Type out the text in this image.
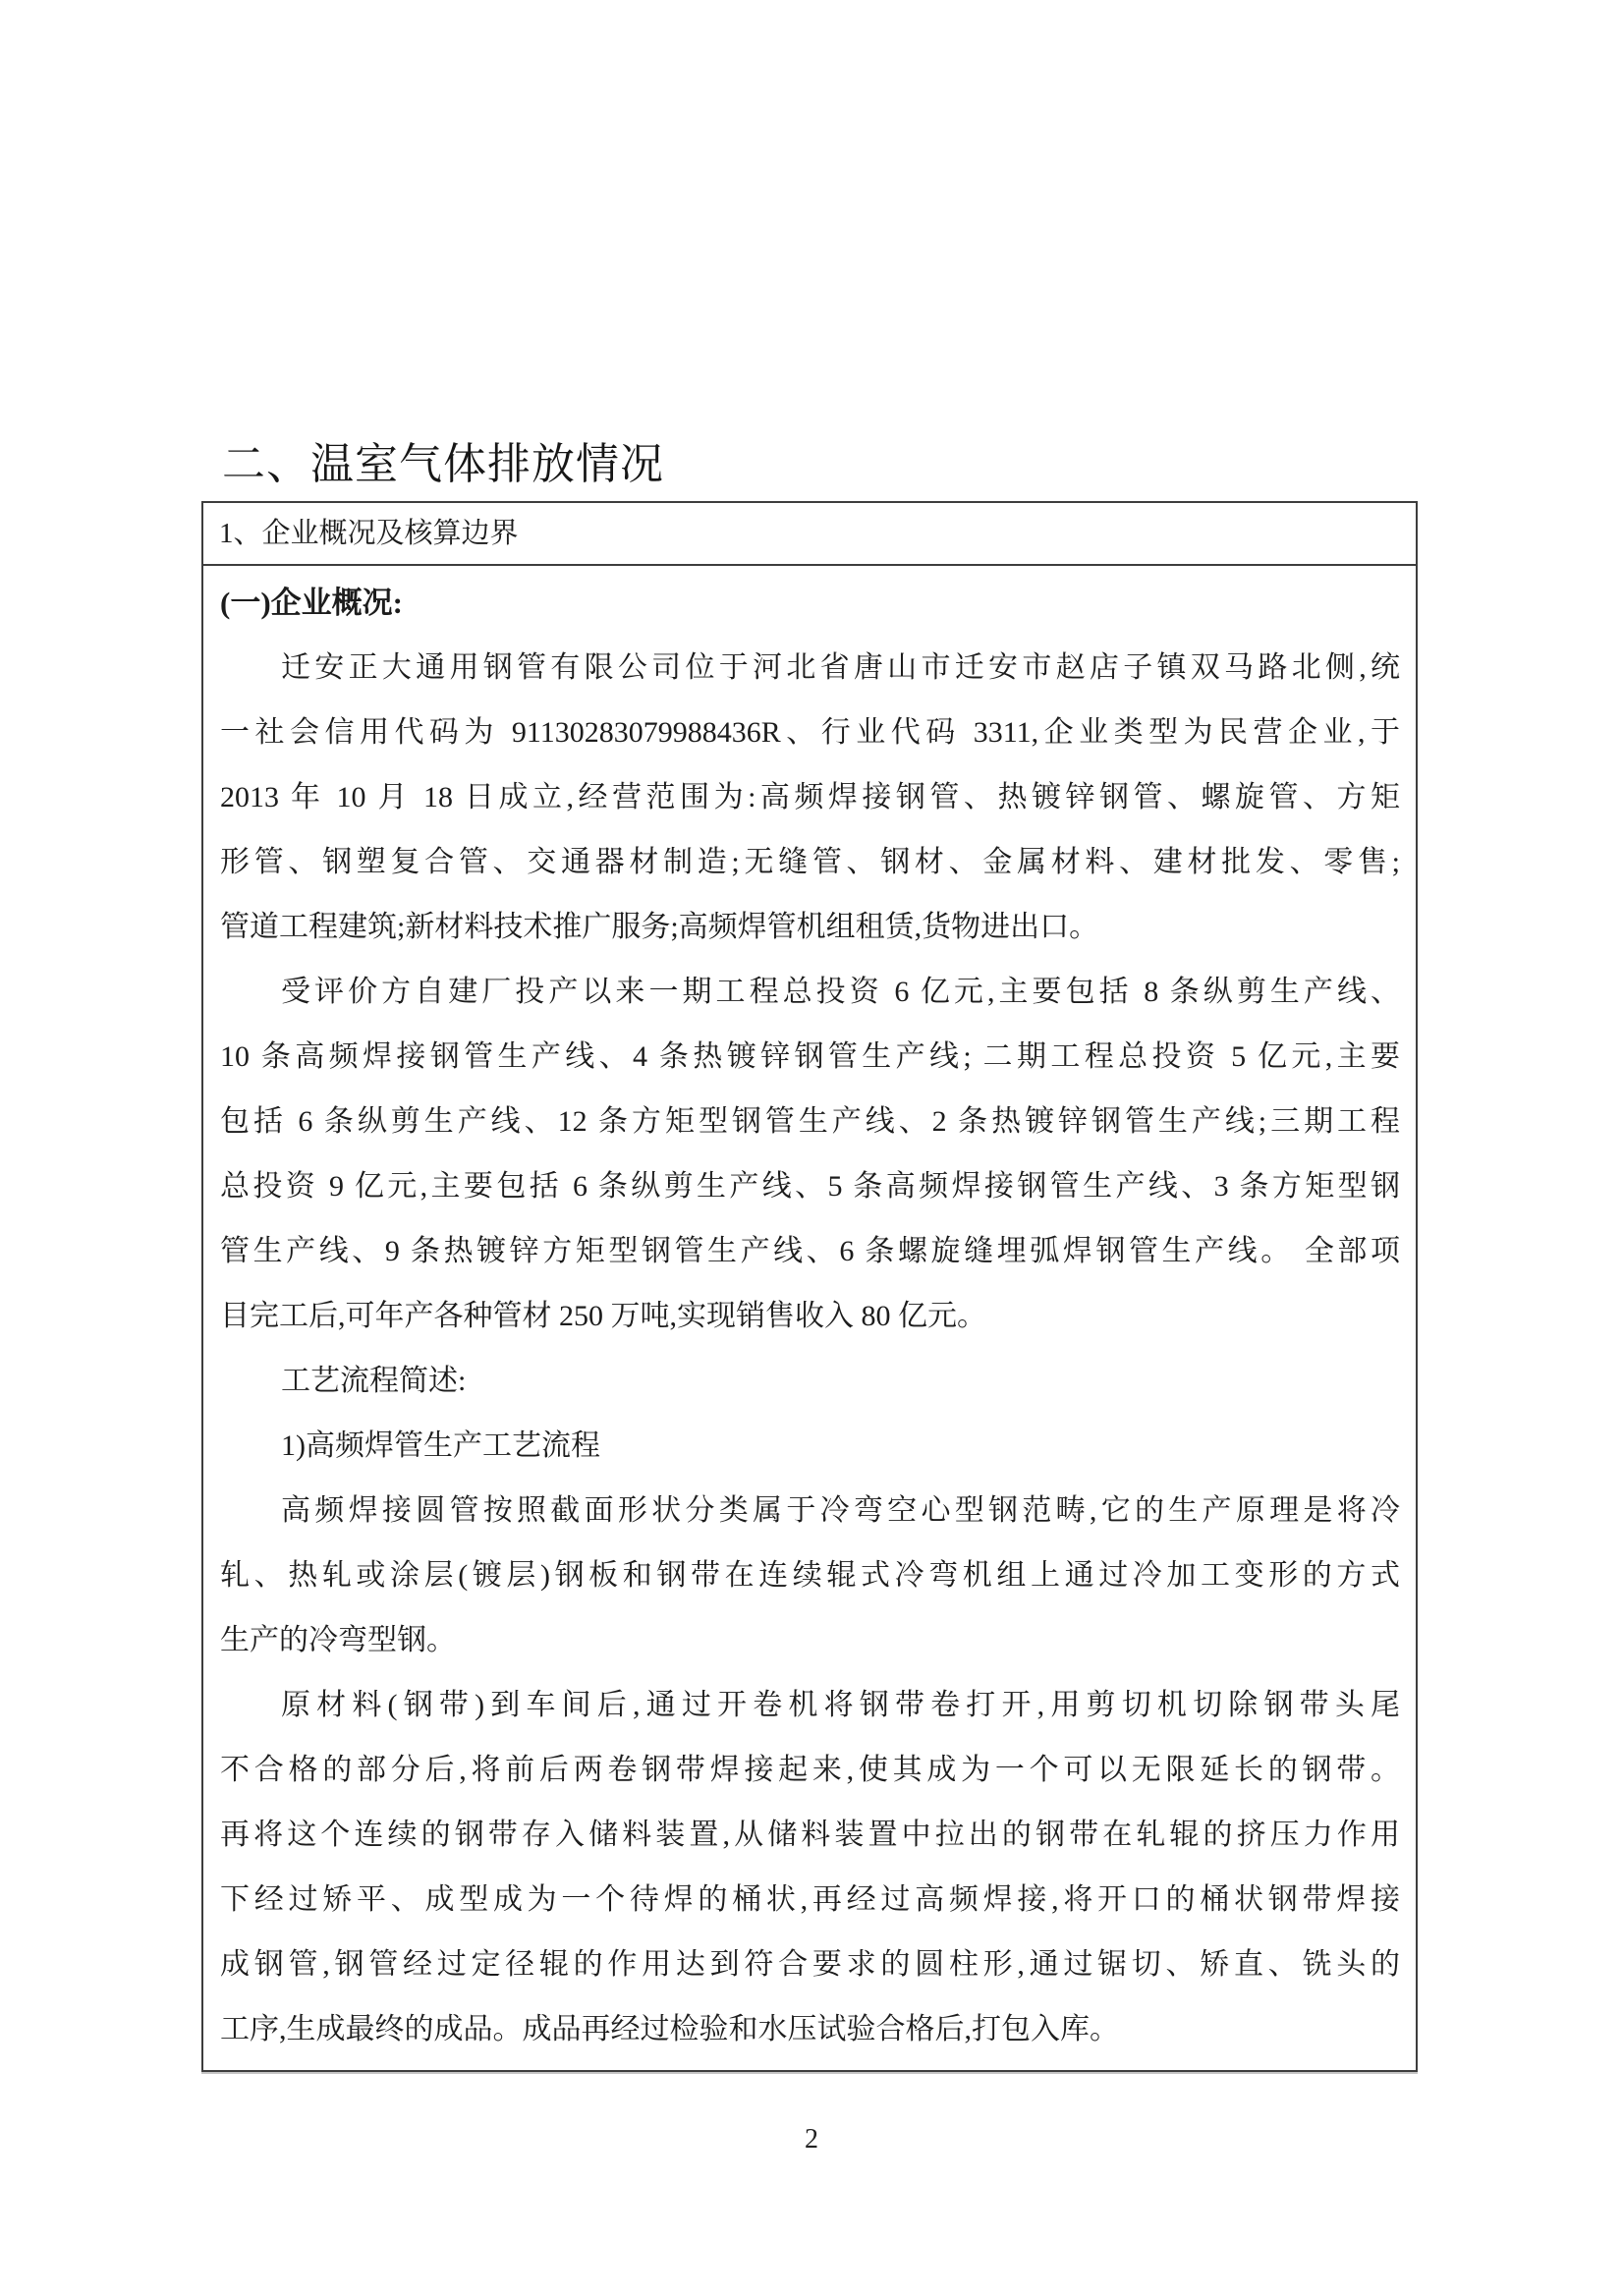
二、温室气体排放情况
1、企业概况及核算边界
(一)企业概况:
迁安正大通用钢管有限公司位于河北省唐山市迁安市赵店子镇双马路北侧,统
一社会信用代码为 91130283079988436R、行业代码 3311,企业类型为民营企业,于
2013 年 10 月 18 日成立,经营范围为:高频焊接钢管、热镀锌钢管、螺旋管、方矩
形管、钢塑复合管、交通器材制造;无缝管、钢材、金属材料、建材批发、零售;
管道工程建筑;新材料技术推广服务;高频焊管机组租赁,货物进出口。
受评价方自建厂投产以来一期工程总投资 6 亿元,主要包括 8 条纵剪生产线、
10 条高频焊接钢管生产线、4 条热镀锌钢管生产线; 二期工程总投资 5 亿元,主要
包括 6 条纵剪生产线、12 条方矩型钢管生产线、2 条热镀锌钢管生产线;三期工程
总投资 9 亿元,主要包括 6 条纵剪生产线、5 条高频焊接钢管生产线、3 条方矩型钢
管生产线、9 条热镀锌方矩型钢管生产线、6 条螺旋缝埋弧焊钢管生产线。 全部项
目完工后,可年产各种管材 250 万吨,实现销售收入 80 亿元。
工艺流程简述:
1)高频焊管生产工艺流程
高频焊接圆管按照截面形状分类属于冷弯空心型钢范畴,它的生产原理是将冷
轧、热轧或涂层(镀层)钢板和钢带在连续辊式冷弯机组上通过冷加工变形的方式
生产的冷弯型钢。
原材料(钢带)到车间后,通过开卷机将钢带卷打开,用剪切机切除钢带头尾
不合格的部分后,将前后两卷钢带焊接起来,使其成为一个可以无限延长的钢带。
再将这个连续的钢带存入储料装置,从储料装置中拉出的钢带在轧辊的挤压力作用
下经过矫平、成型成为一个待焊的桶状,再经过高频焊接,将开口的桶状钢带焊接
成钢管,钢管经过定径辊的作用达到符合要求的圆柱形,通过锯切、矫直、铣头的
工序,生成最终的成品。成品再经过检验和水压试验合格后,打包入库。
2
